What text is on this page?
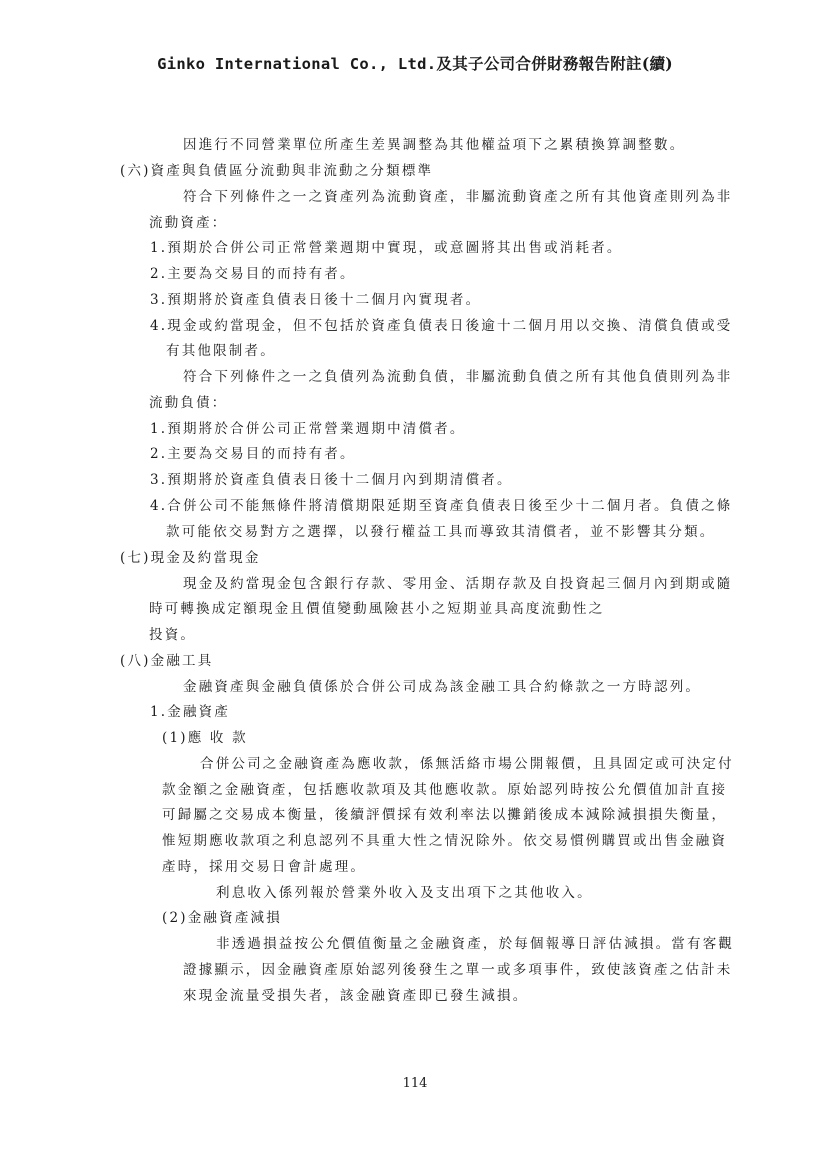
Ginko International Co., Ltd.及其子公司合併財務報告附註(續)
因進行不同營業單位所產生差異調整為其他權益項下之累積換算調整數。
(六)資產與負債區分流動與非流動之分類標準
符合下列條件之一之資產列為流動資產，非屬流動資產之所有其他資產則列為非
流動資產：
1.預期於合併公司正常營業週期中實現，或意圖將其出售或消耗者。
2.主要為交易目的而持有者。
3.預期將於資產負債表日後十二個月內實現者。
4.現金或約當現金，但不包括於資產負債表日後逾十二個月用以交換、清償負債或受
有其他限制者。
符合下列條件之一之負債列為流動負債，非屬流動負債之所有其他負債則列為非
流動負債：
1.預期將於合併公司正常營業週期中清償者。
2.主要為交易目的而持有者。
3.預期將於資產負債表日後十二個月內到期清償者。
4.合併公司不能無條件將清償期限延期至資產負債表日後至少十二個月者。負債之條
款可能依交易對方之選擇，以發行權益工具而導致其清償者，並不影響其分類。
(七)現金及約當現金
現金及約當現金包含銀行存款、零用金、活期存款及自投資起三個月內到期或隨
時可轉換成定額現金且價值變動風險甚小之短期並具高度流動性之
投資。
(八)金融工具
金融資產與金融負債係於合併公司成為該金融工具合約條款之一方時認列。
1.金融資產
(1)應 收 款
合併公司之金融資產為應收款，係無活絡市場公開報價，且具固定或可決定付
款金額之金融資產，包括應收款項及其他應收款。原始認列時按公允價值加計直接
可歸屬之交易成本衡量，後續評價採有效利率法以攤銷後成本減除減損損失衡量，
惟短期應收款項之利息認列不具重大性之情況除外。依交易慣例購買或出售金融資
產時，採用交易日會計處理。
利息收入係列報於營業外收入及支出項下之其他收入。
(2)金融資產減損
非透過損益按公允價值衡量之金融資產，於每個報導日評估減損。當有客觀
證據顯示，因金融資產原始認列後發生之單一或多項事件，致使該資產之估計未
來現金流量受損失者，該金融資產即已發生減損。
114
